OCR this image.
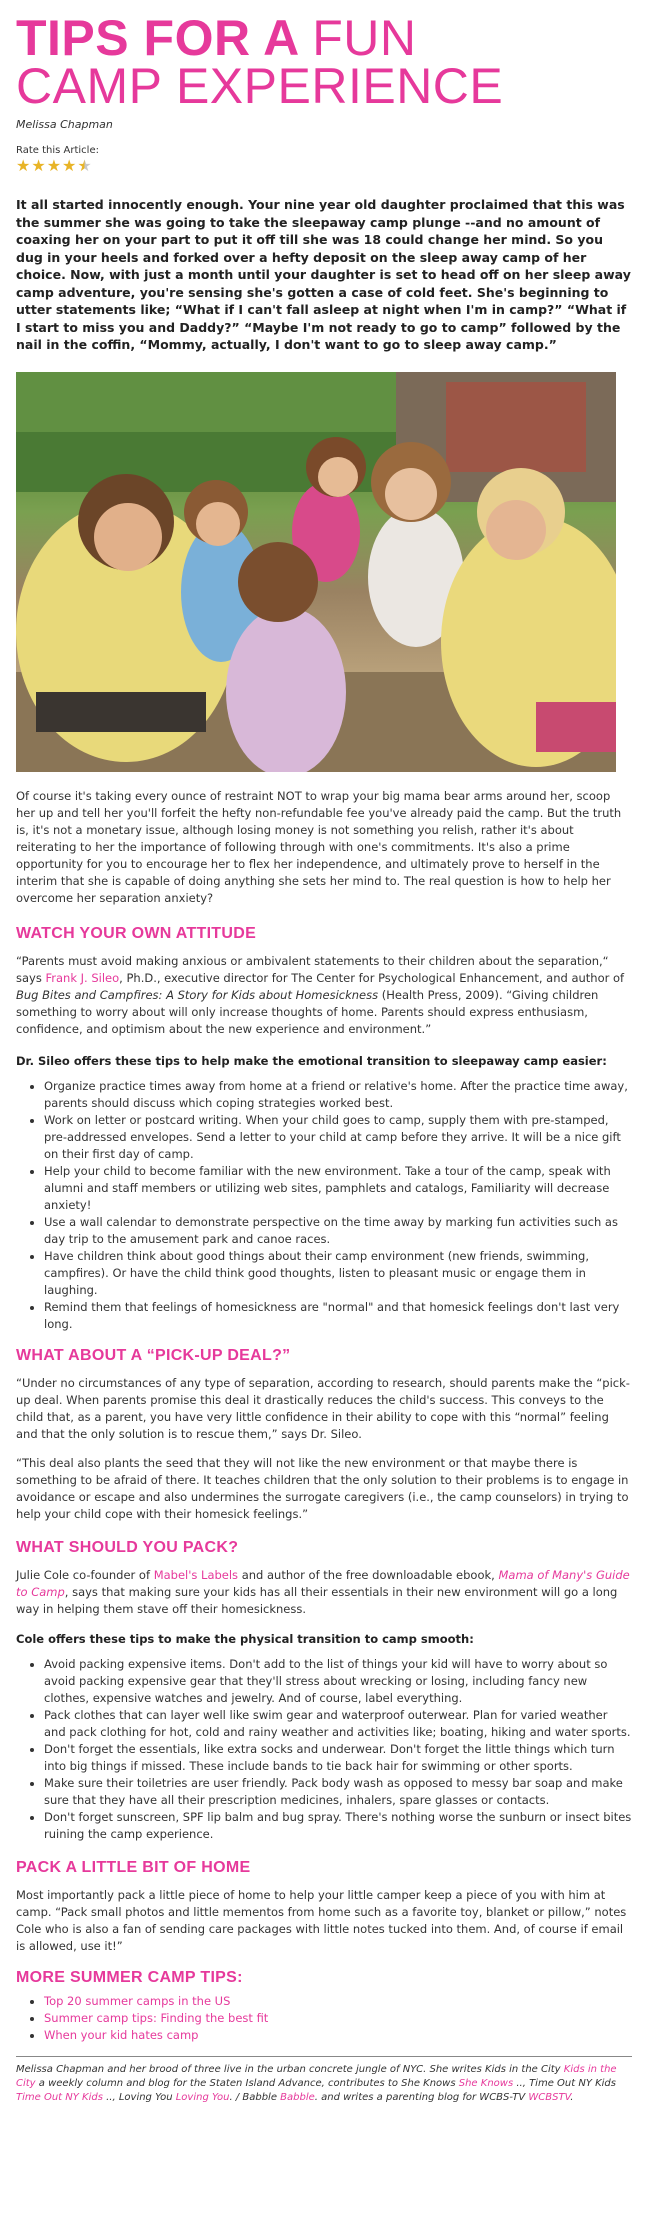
TIPS FOR A FUN
CAMP EXPERIENCE
Melissa Chapman
Rate this Article:
★ ★ ★ ★ ★

It all started innocently enough. Your nine year old daughter proclaimed that this was the summer she was going to take the sleepaway camp plunge --and no amount of coaxing her on your part to put it off till she was 18 could change her mind. So you dug in your heels and forked over a hefty deposit on the sleep away camp of her choice. Now, with just a month until your daughter is set to head off on her sleep away camp adventure, you're sensing she's gotten a case of cold feet. She's beginning to utter statements like; “What if I can't fall asleep at night when I'm in camp?” “What if I start to miss you and Daddy?” “Maybe I'm not ready to go to camp” followed by the nail in the coffin, “Mommy, actually, I don't want to go to sleep away camp.”

Of course it's taking every ounce of restraint NOT to wrap your big mama bear arms around her, scoop her up and tell her you'll forfeit the hefty non-refundable fee you've already paid the camp. But the truth is, it's not a monetary issue, although losing money is not something you relish, rather it's about reiterating to her the importance of following through with one's commitments. It's also a prime opportunity for you to encourage her to flex her independence, and ultimately prove to herself in the interim that she is capable of doing anything she sets her mind to. The real question is how to help her overcome her separation anxiety?

WATCH YOUR OWN ATTITUDE

“Parents must avoid making anxious or ambivalent statements to their children about the separation,“ says Frank J. Sileo, Ph.D., executive director for The Center for Psychological Enhancement, and author of Bug Bites and Campfires: A Story for Kids about Homesickness (Health Press, 2009). “Giving children something to worry about will only increase thoughts of home. Parents should express enthusiasm, confidence, and optimism about the new experience and environment.”

Dr. Sileo offers these tips to help make the emotional transition to sleepaway camp easier:

• Organize practice times away from home at a friend or relative's home. After the practice time away, parents should discuss which coping strategies worked best.
• Work on letter or postcard writing. When your child goes to camp, supply them with pre-stamped, pre-addressed envelopes. Send a letter to your child at camp before they arrive. It will be a nice gift on their first day of camp.
• Help your child to become familiar with the new environment. Take a tour of the camp, speak with alumni and staff members or utilizing web sites, pamphlets and catalogs, Familiarity will decrease anxiety!
• Use a wall calendar to demonstrate perspective on the time away by marking fun activities such as day trip to the amusement park and canoe races.
• Have children think about good things about their camp environment (new friends, swimming, campfires). Or have the child think good thoughts, listen to pleasant music or engage them in laughing.
• Remind them that feelings of homesickness are "normal" and that homesick feelings don't last very long.
WHAT ABOUT A “PICK-UP DEAL?”

“Under no circumstances of any type of separation, according to research, should parents make the “pick-up deal. When parents promise this deal it drastically reduces the child's success. This conveys to the child that, as a parent, you have very little confidence in their ability to cope with this “normal” feeling and that the only solution is to rescue them,” says Dr. Sileo.

“This deal also plants the seed that they will not like the new environment or that maybe there is something to be afraid of there. It teaches children that the only solution to their problems is to engage in avoidance or escape and also undermines the surrogate caregivers (i.e., the camp counselors) in trying to help your child cope with their homesick feelings.”

WHAT SHOULD YOU PACK?

Julie Cole co-founder of Mabel's Labels and author of the free downloadable ebook, Mama of Many's Guide to Camp, says that making sure your kids has all their essentials in their new environment will go a long way in helping them stave off their homesickness.

Cole offers these tips to make the physical transition to camp smooth:

• Avoid packing expensive items. Don't add to the list of things your kid will have to worry about so avoid packing expensive gear that they'll stress about wrecking or losing, including fancy new clothes, expensive watches and jewelry. And of course, label everything.
• Pack clothes that can layer well like swim gear and waterproof outerwear. Plan for varied weather and pack clothing for hot, cold and rainy weather and activities like; boating, hiking and water sports.
• Don't forget the essentials, like extra socks and underwear. Don't forget the little things which turn into big things if missed. These include bands to tie back hair for swimming or other sports.
• Make sure their toiletries are user friendly. Pack body wash as opposed to messy bar soap and make sure that they have all their prescription medicines, inhalers, spare glasses or contacts.
• Don't forget sunscreen, SPF lip balm and bug spray. There's nothing worse the sunburn or insect bites ruining the camp experience.
PACK A LITTLE BIT OF HOME

Most importantly pack a little piece of home to help your little camper keep a piece of you with him at camp. “Pack small photos and little mementos from home such as a favorite toy, blanket or pillow,” notes Cole who is also a fan of sending care packages with little notes tucked into them. And, of course if email is allowed, use it!”

MORE SUMMER CAMP TIPS:
• Top 20 summer camps in the US
• Summer camp tips: Finding the best fit
• When your kid hates camp
Melissa Chapman and her brood of three live in the urban concrete jungle of NYC. She writes Kids in the City Kids in the City a weekly column and blog for the Staten Island Advance, contributes to She Knows She Knows .., Time Out NY Kids Time Out NY Kids .., Loving You Loving You. / Babble Babble. and writes a parenting blog for WCBS-TV WCBSTV.
